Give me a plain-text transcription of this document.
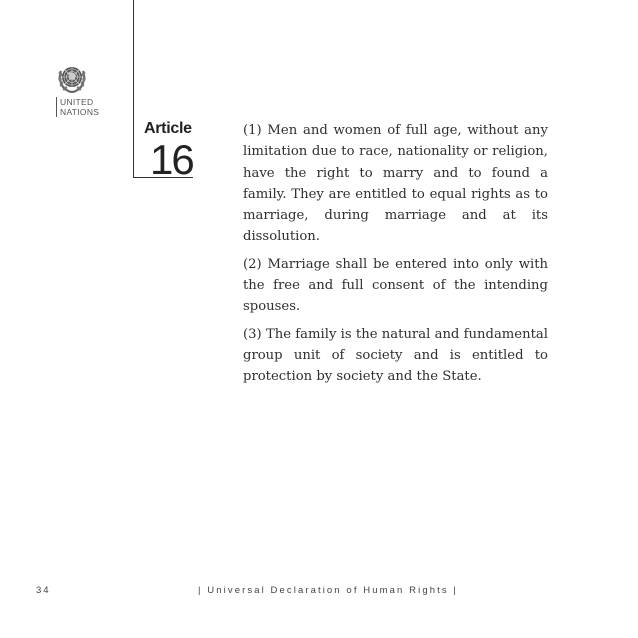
UNITED
NATIONS
Article
16

(1) Men and women of full age, without any limitation due to race, nationality or religion, have the right to marry and to found a family. They are entitled to equal rights as to marriage, during marriage and at its dissolution.

(2) Marriage shall be entered into only with the free and full consent of the intending spouses.

(3) The family is the natural and fundamental group unit of society and is entitled to protection by society and the State.

34	| Universal Declaration of Human Rights |
